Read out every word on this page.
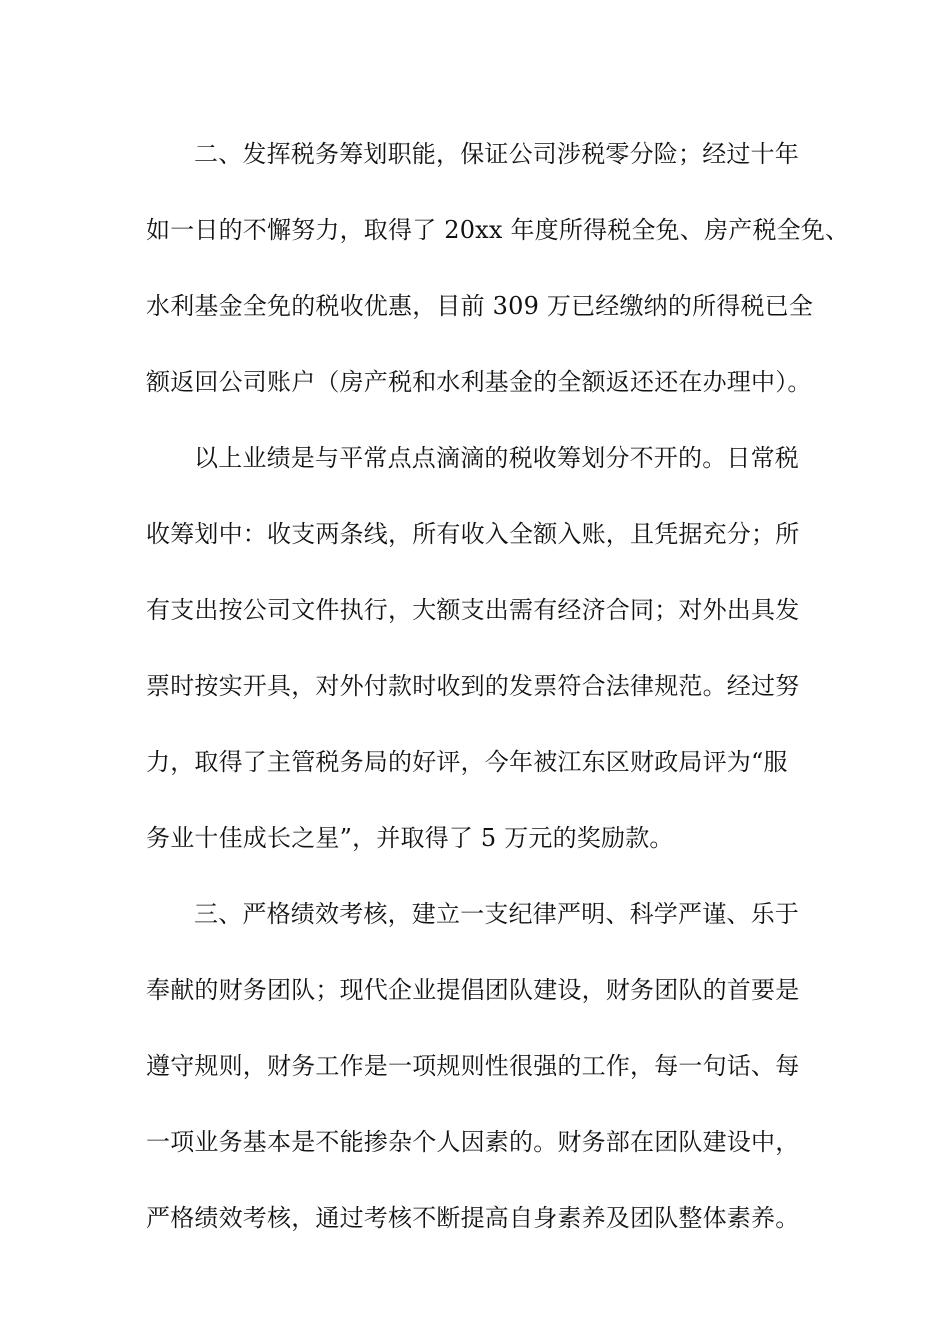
二、发挥税务筹划职能，保证公司涉税零分险；经过十年
如一日的不懈努力，取得了 20xx 年度所得税全免、房产税全免、
水利基金全免的税收优惠，目前 309 万已经缴纳的所得税已全
额返回公司账户（房产税和水利基金的全额返还还在办理中）。
以上业绩是与平常点点滴滴的税收筹划分不开的。日常税
收筹划中：收支两条线，所有收入全额入账，且凭据充分；所
有支出按公司文件执行，大额支出需有经济合同；对外出具发
票时按实开具，对外付款时收到的发票符合法律规范。经过努
力，取得了主管税务局的好评，今年被江东区财政局评为“服
务业十佳成长之星”，并取得了 5 万元的奖励款。
三、严格绩效考核，建立一支纪律严明、科学严谨、乐于
奉献的财务团队；现代企业提倡团队建设，财务团队的首要是
遵守规则，财务工作是一项规则性很强的工作，每一句话、每
一项业务基本是不能掺杂个人因素的。财务部在团队建设中，
严格绩效考核，通过考核不断提高自身素养及团队整体素养。
